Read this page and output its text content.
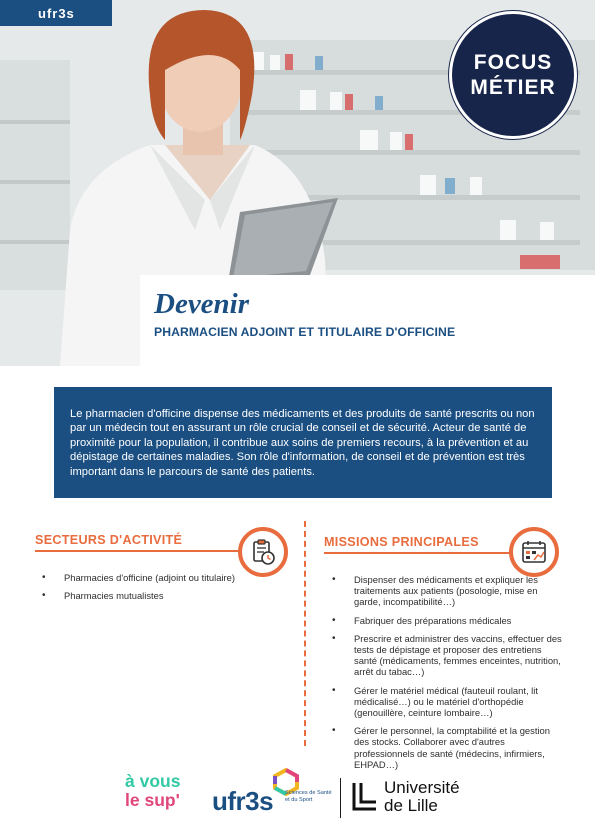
ufr3s
FOCUS
MÉTIER
Devenir
PHARMACIEN ADJOINT ET TITULAIRE D'OFFICINE
Le pharmacien d'officine dispense des médicaments et des produits de santé prescrits ou non par un médecin tout en assurant un rôle crucial de conseil et de sécurité. Acteur de santé de proximité pour la population, il contribue aux soins de premiers recours, à la prévention et au dépistage de certaines maladies. Son rôle d'information, de conseil et de prévention est très important dans le parcours de santé des patients.
SECTEURS D'ACTIVITÉ
• Pharmacies d'officine (adjoint ou titulaire)
• Pharmacies mutualistes
MISSIONS PRINCIPALES
• Dispenser des médicaments et expliquer les traitements aux patients (posologie, mise en garde, incompatibilité…)
• Fabriquer des préparations médicales
• Prescrire et administrer des vaccins, effectuer des tests de dépistage et proposer des entretiens santé (médicaments, femmes enceintes, nutrition, arrêt du tabac…)
• Gérer le matériel médical (fauteuil roulant, lit médicalisé…) ou le matériel d'orthopédie (genouillère, ceinture lombaire…)
• Gérer le personnel, la comptabilité et la gestion des stocks. Collaborer avec d'autres professionnels de santé (médecins, infirmiers, EHPAD…)
à vous
le sup' ufr3s Sciences de Santé et du Sport
Université
de Lille
